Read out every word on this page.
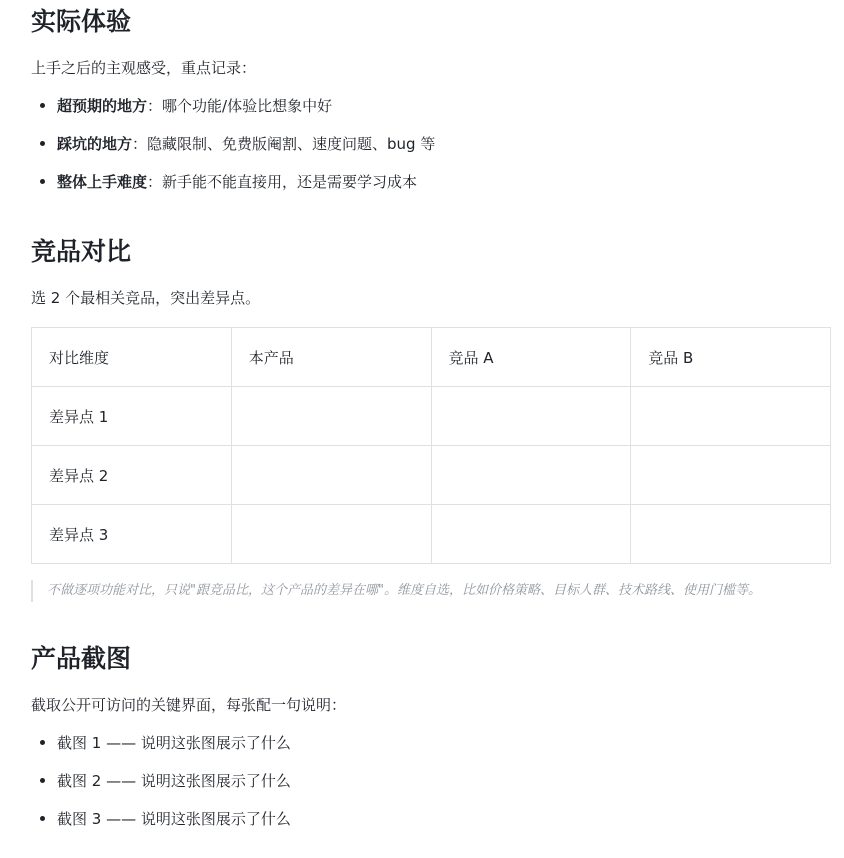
实际体验

上手之后的主观感受，重点记录：

超预期的地方 ：哪个功能/体验比想象中好
踩坑的地方 ：隐藏限制、免费版阉割、速度问题、bug 等
整体上手难度 ：新手能不能直接用，还是需要学习成本
竞品对比

选 2 个最相关竞品，突出差异点。

对比维度	本产品	竞品 A	竞品 B
差异点 1			
差异点 2			
差异点 3			
不做逐项功能对比，只说"跟竞品比，这个产品的差异在哪"。维度自选，比如价格策略、目标人群、技术路线、使用门槛等。
产品截图

截取公开可访问的关键界面，每张配一句说明：

截图 1 —— 说明这张图展示了什么
截图 2 —— 说明这张图展示了什么
截图 3 —— 说明这张图展示了什么
